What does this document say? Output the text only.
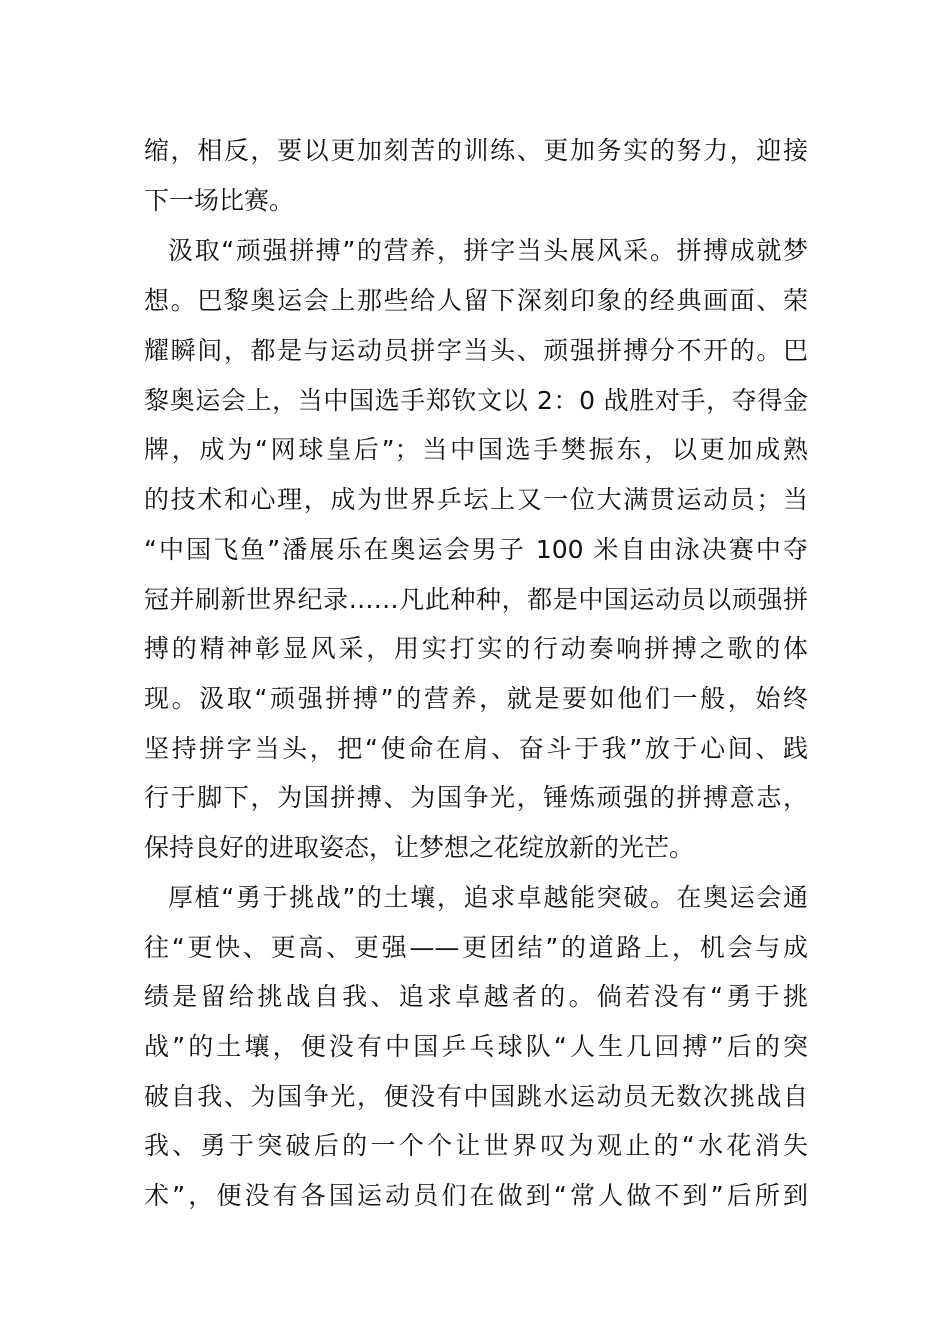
缩，相反，要以更加刻苦的训练、更加务实的努力，迎接
下一场比赛。
汲取“顽强拼搏”的营养，拼字当头展风采。拼搏成就梦
想。巴黎奥运会上那些给人留下深刻印象的经典画面、荣
耀瞬间，都是与运动员拼字当头、顽强拼搏分不开的。巴
黎奥运会上，当中国选手郑钦文以 2：0 战胜对手，夺得金
牌，成为“网球皇后”；当中国选手樊振东，以更加成熟
的技术和心理，成为世界乒坛上又一位大满贯运动员；当
“中国飞鱼”潘展乐在奥运会男子 100 米自由泳决赛中夺
冠并刷新世界纪录……凡此种种，都是中国运动员以顽强拼
搏的精神彰显风采，用实打实的行动奏响拼搏之歌的体
现。汲取“顽强拼搏”的营养，就是要如他们一般，始终
坚持拼字当头，把“使命在肩、奋斗于我”放于心间、践
行于脚下，为国拼搏、为国争光，锤炼顽强的拼搏意志，
保持良好的进取姿态，让梦想之花绽放新的光芒。
厚植“勇于挑战”的土壤，追求卓越能突破。在奥运会通
往“更快、更高、更强——更团结”的道路上，机会与成
绩是留给挑战自我、追求卓越者的。倘若没有“勇于挑
战”的土壤，便没有中国乒乓球队“人生几回搏”后的突
破自我、为国争光，便没有中国跳水运动员无数次挑战自
我、勇于突破后的一个个让世界叹为观止的“水花消失
术”，便没有各国运动员们在做到“常人做不到”后所到
